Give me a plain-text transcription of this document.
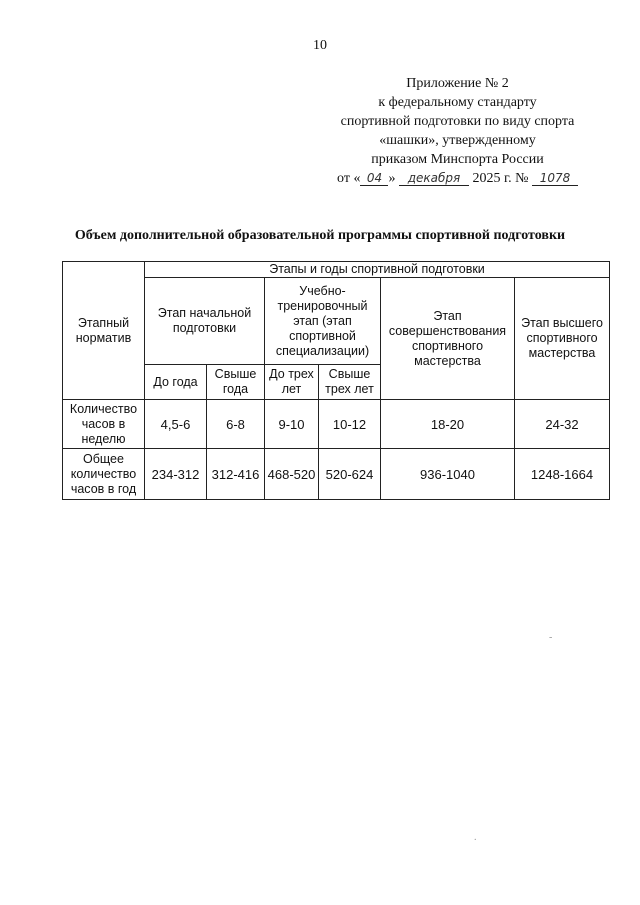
10
Приложение № 2
к федеральному стандарту
спортивной подготовки по виду спорта
«шашки», утвержденному
приказом Минспорта России
от « 04 » декабря 2025 г. № 1078
Объем дополнительной образовательной программы спортивной подготовки
Этапный норматив	Этапы и годы спортивной подготовки					
	Этап начальной подготовки		Учебно-тренировочный этап (этап спортивной специализации)		Этап совершенствования спортивного мастерства	Этап высшего спортивного мастерства
	До года	Свыше года	До трех лет	Свыше трех лет		
Количество часов в неделю	4,5-6	6-8	9-10	10-12	18-20	24-32
Общее количество часов в год	234-312	312-416	468-520	520-624	936-1040	1248-1664
-
.
